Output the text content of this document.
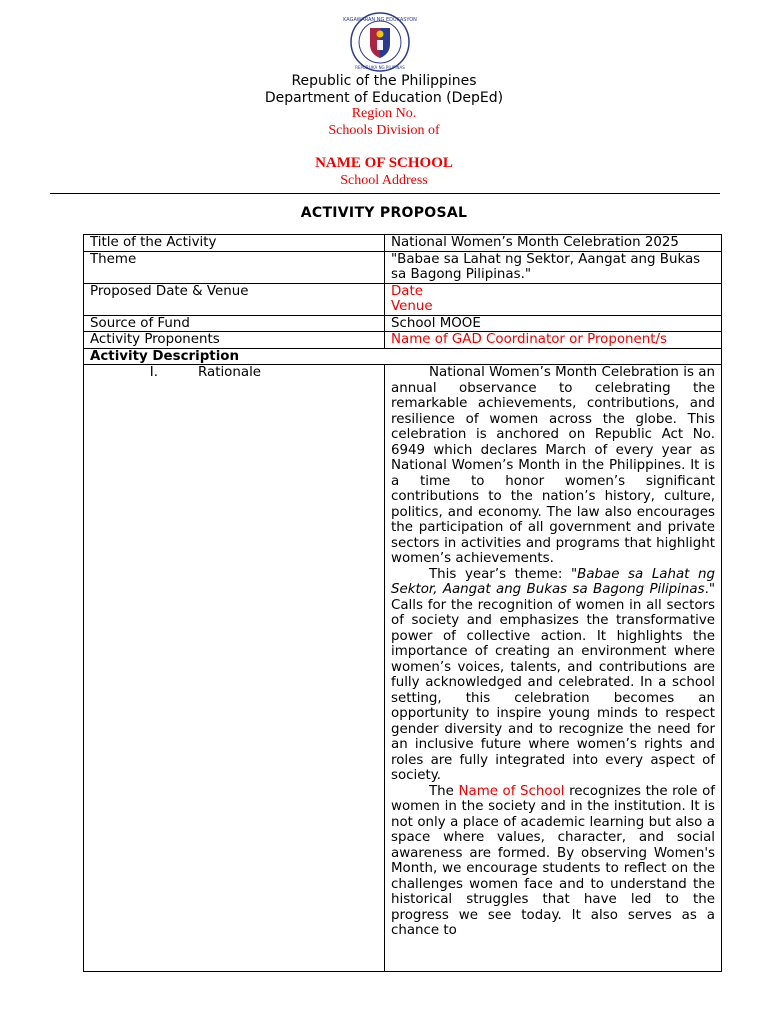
KAGAWARAN NG EDUKASYON
REPUBLIKA NG PILIPINAS
Republic of the Philippines
Department of Education (DepEd)
Region No.
Schools Division of
NAME OF SCHOOL
School Address
ACTIVITY PROPOSAL
Title of the Activity	National Women’s Month Celebration 2025
Theme	"Babae sa Lahat ng Sektor, Aangat ang Bukas sa Bagong Pilipinas."
Proposed Date & Venue	Date
Venue

Source of Fund	School MOOE
Activity Proponents	Name of GAD Coordinator or Proponent/s
Activity Description	
I. Rationale	National Women’s Month Celebration is an annual observance to celebrating the remarkable achievements, contributions, and resilience of women across the globe. This celebration is anchored on Republic Act No. 6949 which declares March of every year as National Women’s Month in the Philippines. It is a time to honor women’s significant contributions to the nation’s history, culture, politics, and economy. The law also encourages the participation of all government and private sectors in activities and programs that highlight women’s achievements.

This year’s theme: "Babae sa Lahat ng Sektor, Aangat ang Bukas sa Bagong Pilipinas." Calls for the recognition of women in all sectors of society and emphasizes the transformative power of collective action. It highlights the importance of creating an environment where women’s voices, talents, and contributions are fully acknowledged and celebrated. In a school setting, this celebration becomes an opportunity to inspire young minds to respect gender diversity and to recognize the need for an inclusive future where women’s rights and roles are fully integrated into every aspect of society.

The Name of School recognizes the role of women in the society and in the institution. It is not only a place of academic learning but also a space where values, character, and social awareness are formed. By observing Women's Month, we encourage students to reflect on the challenges women face and to understand the historical struggles that have led to the progress we see today. It also serves as a chance to
